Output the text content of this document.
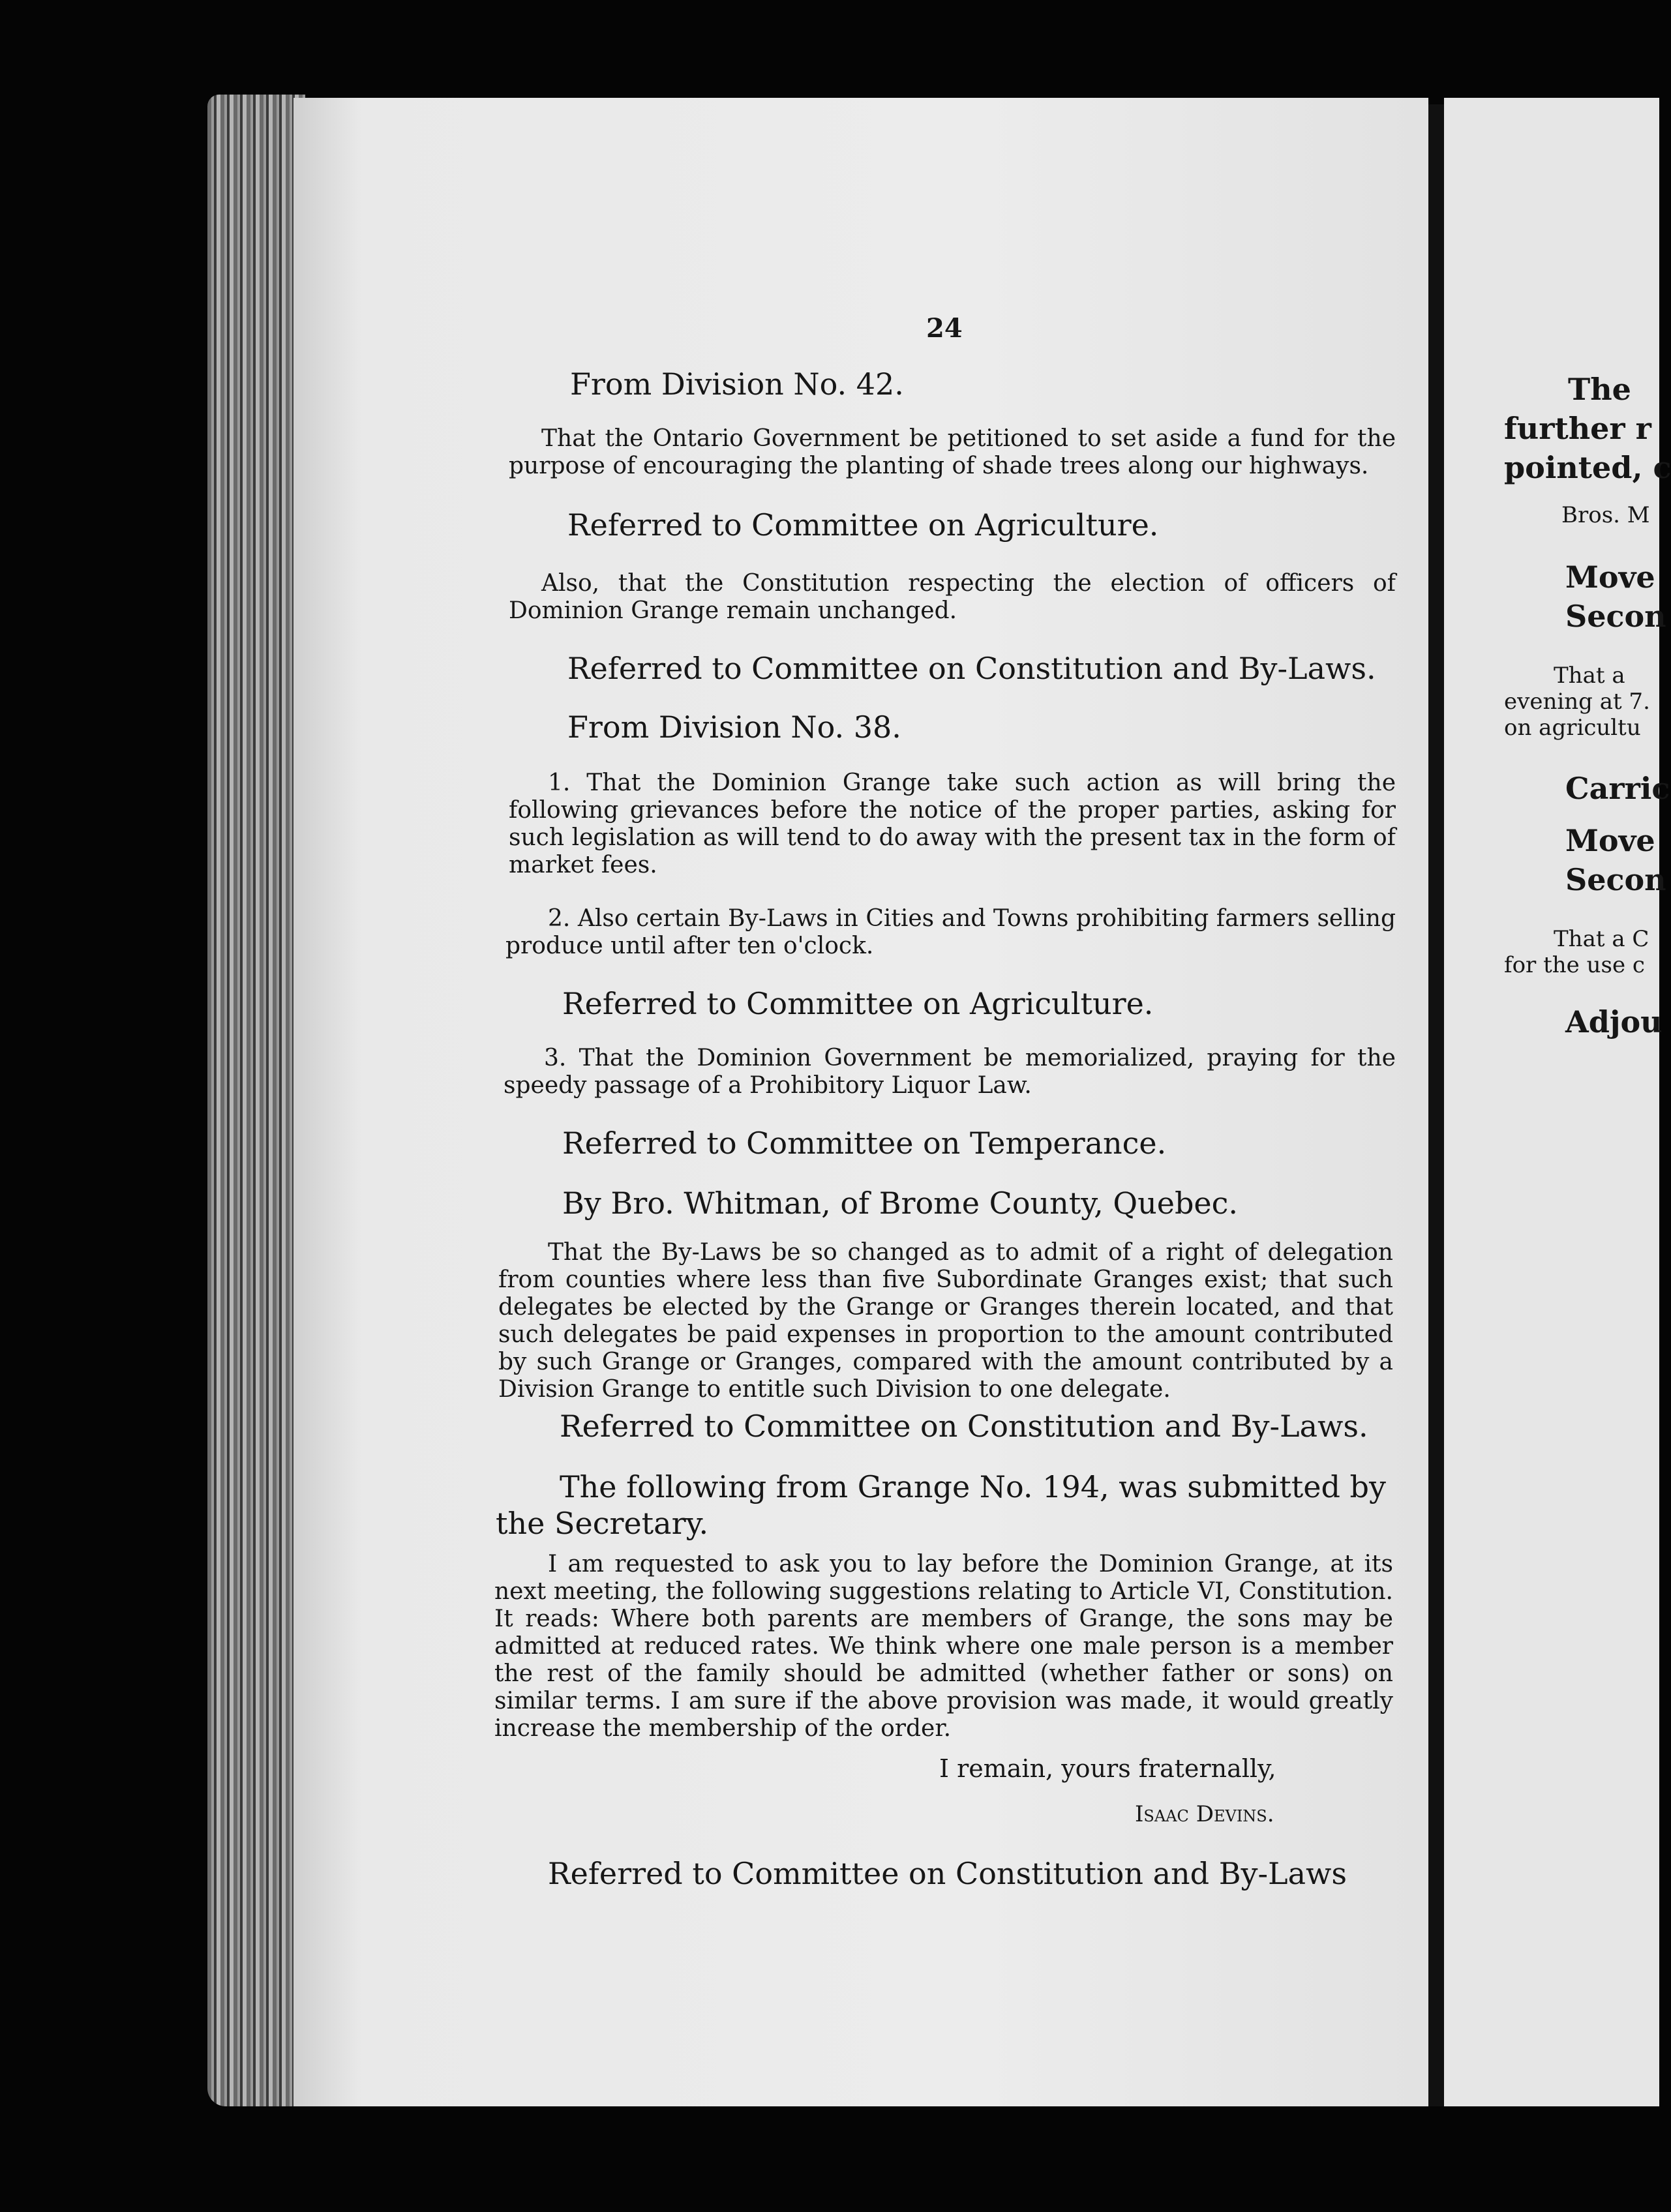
24
From Division No. 42.
That the Ontario Government be petitioned to set aside a fund for the purpose of encouraging the planting of shade trees along our highways.
Referred to Committee on Agriculture.
Also, that the Constitution respecting the election of officers of Dominion Grange remain unchanged.
Referred to Committee on Constitution and By-Laws.
From Division No. 38.
1. That the Dominion Grange take such action as will bring the following grievances before the notice of the proper parties, asking for such legislation as will tend to do away with the present tax in the form of market fees.
2. Also certain By-Laws in Cities and Towns prohibiting farmers selling produce until after ten o'clock.
Referred to Committee on Agriculture.
3. That the Dominion Government be memorialized, praying for the speedy passage of a Prohibitory Liquor Law.
Referred to Committee on Temperance.
By Bro. Whitman, of Brome County, Quebec.
That the By-Laws be so changed as to admit of a right of delegation from counties where less than five Subordinate Granges exist; that such delegates be elected by the Grange or Granges therein located, and that such delegates be paid expenses in proportion to the amount contributed by such Grange or Granges, compared with the amount contributed by a Division Grange to entitle such Division to one delegate.
Referred to Committee on Constitution and By-Laws.
The following from Grange No. 194, was submitted by the Secretary.
I am requested to ask you to lay before the Dominion Grange, at its next meeting, the following suggestions relating to Article VI, Constitution. It reads: Where both parents are members of Grange, the sons may be admitted at reduced rates. We think where one male person is a member the rest of the family should be admitted (whether father or sons) on similar terms. I am sure if the above provision was made, it would greatly increase the membership of the order.
I remain, yours fraternally,
Isaac Devins.
Referred to Committee on Constitution and By-Laws
The
further r
pointed, c
Bros. M
Move
Secon
That a
evening at 7.
on agricultu
Carric
Move
Secon
That a C
for the use c
Adjou
